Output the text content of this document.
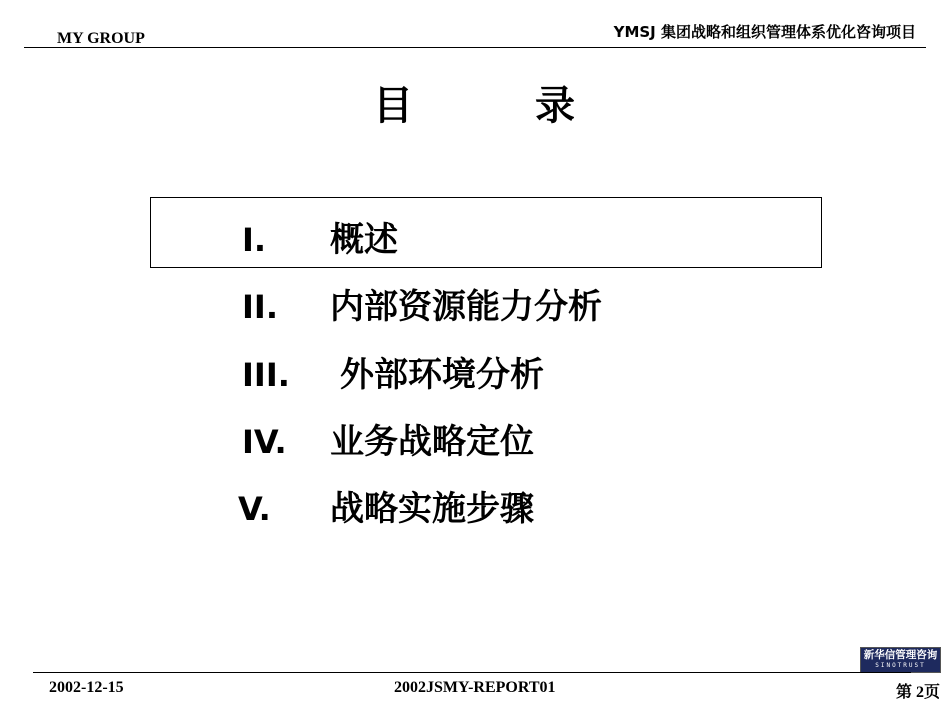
MY GROUP	YMSJ 集团战略和组织管理体系优化咨询项目
目	录
I. 概述
II. 内部资源能力分析
III. 外部环境分析
IV. 业务战略定位
V. 战略实施步骤
新华信管理咨询
SINOTRUST
2002-12-15	2002JSMY-REPORT01	第 2页
